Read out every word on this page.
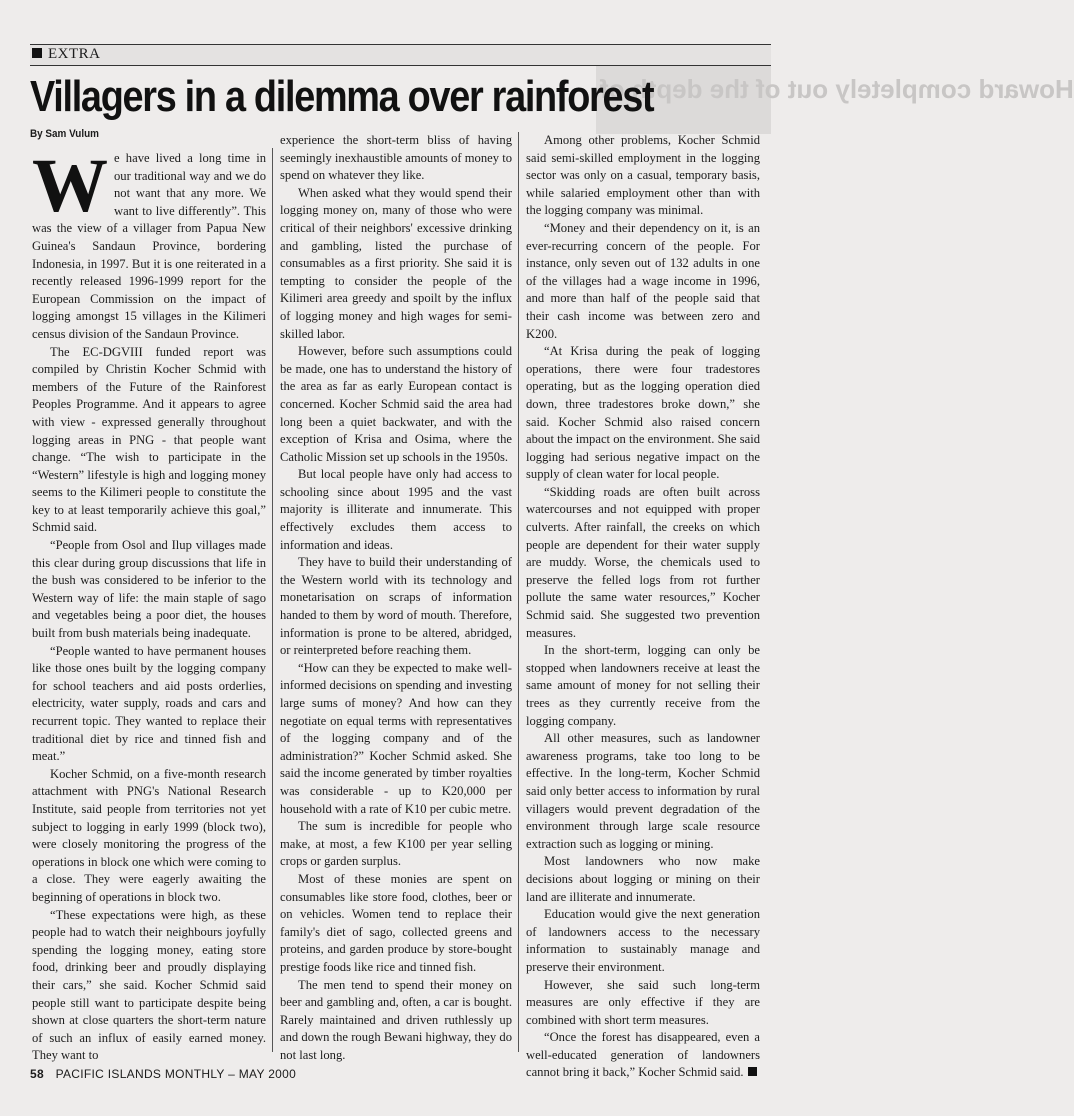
EXTRA
Howard completely out of the depth of
Villagers in a dilemma over rainforest
By Sam Vulum

We have lived a long time in our traditional way and we do not want that any more. We want to live differently”. This was the view of a villager from Papua New Guinea's Sandaun Province, bordering Indonesia, in 1997. But it is one reiterated in a recently released 1996-1999 report for the European Commission on the impact of logging amongst 15 villages in the Kilimeri census division of the Sandaun Province.

The EC-DGVIII funded report was compiled by Christin Kocher Schmid with members of the Future of the Rainforest Peoples Programme. And it appears to agree with view - expressed generally throughout logging areas in PNG - that people want change. “The wish to participate in the “Western” lifestyle is high and logging money seems to the Kilimeri people to constitute the key to at least temporarily achieve this goal,” Schmid said.

“People from Osol and Ilup villages made this clear during group discussions that life in the bush was considered to be inferior to the Western way of life: the main staple of sago and vegetables being a poor diet, the houses built from bush materials being inadequate.

“People wanted to have permanent houses like those ones built by the logging company for school teachers and aid posts orderlies, electricity, water supply, roads and cars and recurrent topic. They wanted to replace their traditional diet by rice and tinned fish and meat.”

Kocher Schmid, on a five-month research attachment with PNG's National Research Institute, said people from territories not yet subject to logging in early 1999 (block two), were closely monitoring the progress of the operations in block one which were coming to a close. They were eagerly awaiting the beginning of operations in block two.

“These expectations were high, as these people had to watch their neighbours joyfully spending the logging money, eating store food, drinking beer and proudly displaying their cars,” she said. Kocher Schmid said people still want to participate despite being shown at close quarters the short-term nature of such an influx of easily earned money. They want to

experience the short-term bliss of having seemingly inexhaustible amounts of money to spend on whatever they like.

When asked what they would spend their logging money on, many of those who were critical of their neighbors' excessive drinking and gambling, listed the purchase of consumables as a first priority. She said it is tempting to consider the people of the Kilimeri area greedy and spoilt by the influx of logging money and high wages for semi-skilled labor.

However, before such assumptions could be made, one has to understand the history of the area as far as early European contact is concerned. Kocher Schmid said the area had long been a quiet backwater, and with the exception of Krisa and Osima, where the Catholic Mission set up schools in the 1950s.

But local people have only had access to schooling since about 1995 and the vast majority is illiterate and innumerate. This effectively excludes them access to information and ideas.

They have to build their understanding of the Western world with its technology and monetarisation on scraps of information handed to them by word of mouth. Therefore, information is prone to be altered, abridged, or reinterpreted before reaching them.

“How can they be expected to make well-informed decisions on spending and investing large sums of money? And how can they negotiate on equal terms with representatives of the logging company and of the administration?” Kocher Schmid asked. She said the income generated by timber royalties was considerable - up to K20,000 per household with a rate of K10 per cubic metre.

The sum is incredible for people who make, at most, a few K100 per year selling crops or garden surplus.

Most of these monies are spent on consumables like store food, clothes, beer or on vehicles. Women tend to replace their family's diet of sago, collected greens and proteins, and garden produce by store-bought prestige foods like rice and tinned fish.

The men tend to spend their money on beer and gambling and, often, a car is bought. Rarely maintained and driven ruthlessly up and down the rough Bewani highway, they do not last long.

Among other problems, Kocher Schmid said semi-skilled employment in the logging sector was only on a casual, temporary basis, while salaried employment other than with the logging company was minimal.

“Money and their dependency on it, is an ever-recurring concern of the people. For instance, only seven out of 132 adults in one of the villages had a wage income in 1996, and more than half of the people said that their cash income was between zero and K200.

“At Krisa during the peak of logging operations, there were four tradestores operating, but as the logging operation died down, three tradestores broke down,” she said. Kocher Schmid also raised concern about the impact on the environment. She said logging had serious negative impact on the supply of clean water for local people.

“Skidding roads are often built across watercourses and not equipped with proper culverts. After rainfall, the creeks on which people are dependent for their water supply are muddy. Worse, the chemicals used to preserve the felled logs from rot further pollute the same water resources,” Kocher Schmid said. She suggested two prevention measures.

In the short-term, logging can only be stopped when landowners receive at least the same amount of money for not selling their trees as they currently receive from the logging company.

All other measures, such as landowner awareness programs, take too long to be effective. In the long-term, Kocher Schmid said only better access to information by rural villagers would prevent degradation of the environment through large scale resource extraction such as logging or mining.

Most landowners who now make decisions about logging or mining on their land are illiterate and innumerate.

Education would give the next generation of landowners access to the necessary information to sustainably manage and preserve their environment.

However, she said such long-term measures are only effective if they are combined with short term measures.

“Once the forest has disappeared, even a well-educated generation of landowners cannot bring it back,” Kocher Schmid said.

58 PACIFIC ISLANDS MONTHLY – MAY 2000
